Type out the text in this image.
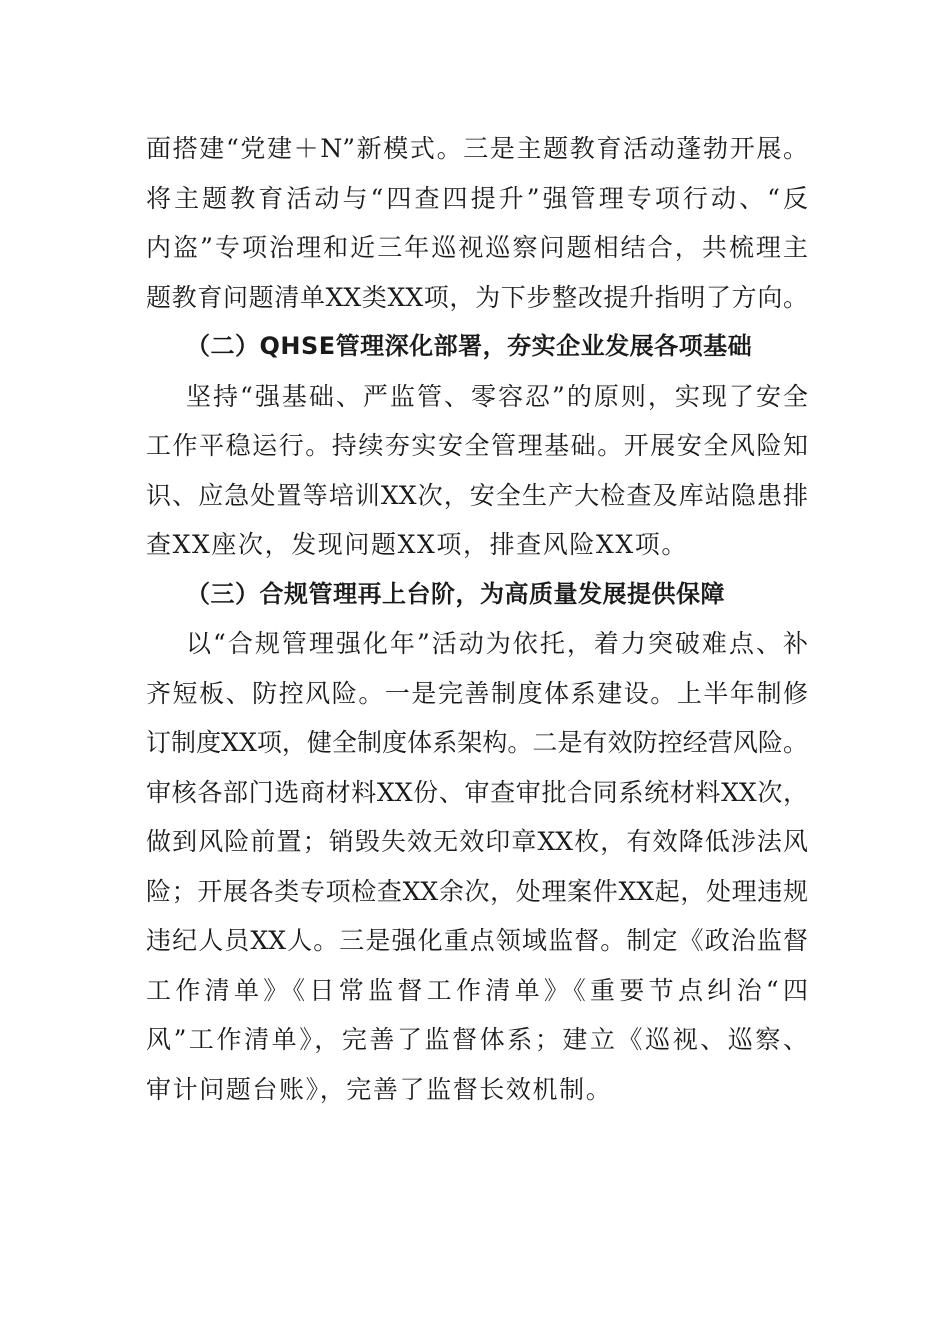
面搭建“党建＋N”新模式。三是主题教育活动蓬勃开展。
将主题教育活动与“四查四提升”强管理专项行动、“反
内盗”专项治理和近三年巡视巡察问题相结合，共梳理主
题教育问题清单XX类XX项，为下步整改提升指明了方向。
（二）QHSE管理深化部署，夯实企业发展各项基础
坚持“强基础、严监管、零容忍”的原则，实现了安全
工作平稳运行。持续夯实安全管理基础。开展安全风险知
识、应急处置等培训XX次，安全生产大检查及库站隐患排
查XX座次，发现问题XX项，排查风险XX项。
（三）合规管理再上台阶，为高质量发展提供保障
以“合规管理强化年”活动为依托，着力突破难点、补
齐短板、防控风险。一是完善制度体系建设。上半年制修
订制度XX项，健全制度体系架构。二是有效防控经营风险。
审核各部门选商材料XX份、审查审批合同系统材料XX次，
做到风险前置；销毁失效无效印章XX枚，有效降低涉法风
险；开展各类专项检查XX余次，处理案件XX起，处理违规
违纪人员XX人。三是强化重点领域监督。制定《政治监督
工作清单》《日常监督工作清单》《重要节点纠治“四
风”工作清单》，完善了监督体系；建立《巡视、巡察、
审计问题台账》，完善了监督长效机制。
